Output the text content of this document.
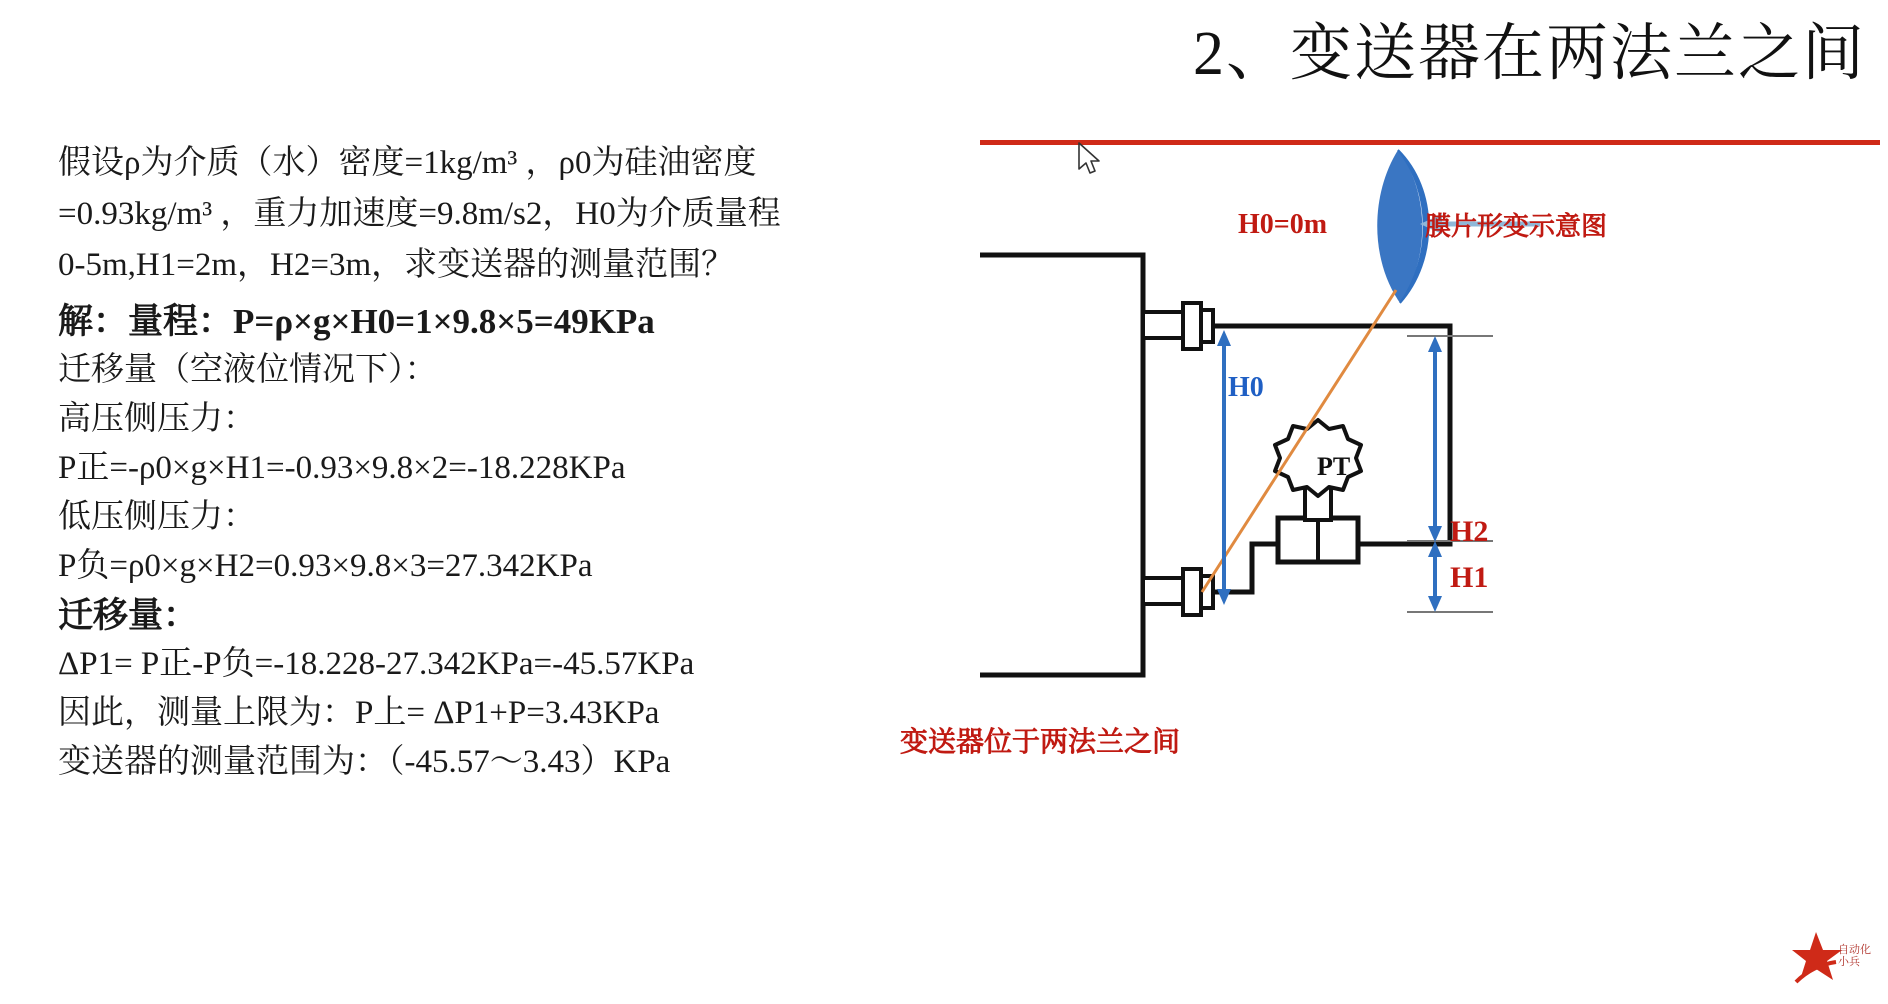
2、变送器在两法兰之间
假设ρ为介质（水）密度=1kg/m³ ，ρ0为硅油密度
=0.93kg/m³ ，重力加速度=9.8m/s2，H0为介质量程
0-5m,H1=2m，H2=3m，求变送器的测量范围？
解：量程：P=ρ×g×H0=1×9.8×5=49KPa
迁移量（空液位情况下）：
高压侧压力：
P正=-ρ0×g×H1=-0.93×9.8×2=-18.228KPa
低压侧压力：
P负=ρ0×g×H2=0.93×9.8×3=27.342KPa
迁移量：
ΔP1= P正-P负=-18.228-27.342KPa=-45.57KPa
因此，测量上限为：P上= ΔP1+P=3.43KPa
变送器的测量范围为：（-45.57～3.43）KPa
H0=0m	膜片形变示意图
H0
H2
H1
PT
变送器位于两法兰之间
自动化
小兵
